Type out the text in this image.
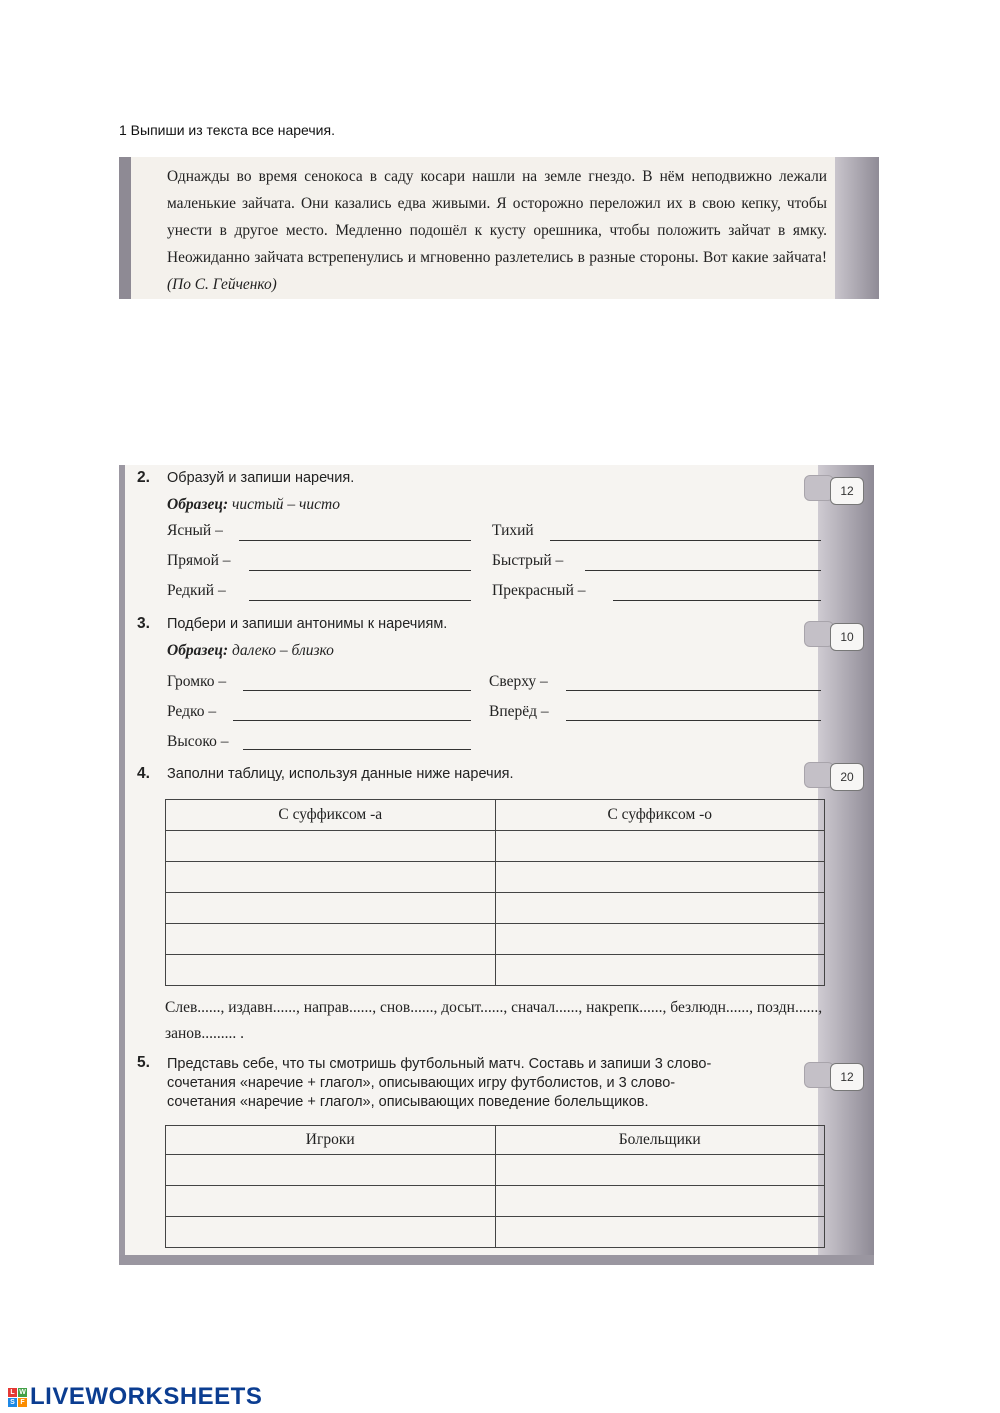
1 Выпиши из текста все наречия.
Однажды во время сенокоса в саду косари нашли на земле гнездо. В нём неподвижно лежали маленькие зайчата. Они казались едва живыми. Я осторожно переложил их в свою кепку, чтобы унести в другое место. Медленно подошёл к кусту орешника, чтобы положить зайчат в ямку. Неожиданно зайчата встрепенулись и мгновенно разлетелись в разные стороны. Вот какие зайчата! (По С. Гейченко)
2. Образуй и запиши наречия.
Образец: чистый – чисто
12
Ясный –	Тихий
Прямой –	Быстрый –
Редкий –	Прекрасный –
3. Подбери и запиши антонимы к наречиям.
Образец: далеко – близко
10
Громко –	Сверху –
Редко –	Вперёд –
Высоко –
4. Заполни таблицу, используя данные ниже наречия.	20
С суффиксом -а	С суффиксом -о

Слев......, издавн......, направ......, снов......, досыт......, сначал......, накрепк......, безлюдн......, поздн......, занов......... .
5. Представь себе, что ты смотришь футбольный матч. Составь и запиши 3 слово-
сочетания «наречие + глагол», описывающих игру футболистов, и 3 слово-
сочетания «наречие + глагол», описывающих поведение болельщиков.
12
Игроки	Болельщики

L W
S F LIVEWORKSHEETS
